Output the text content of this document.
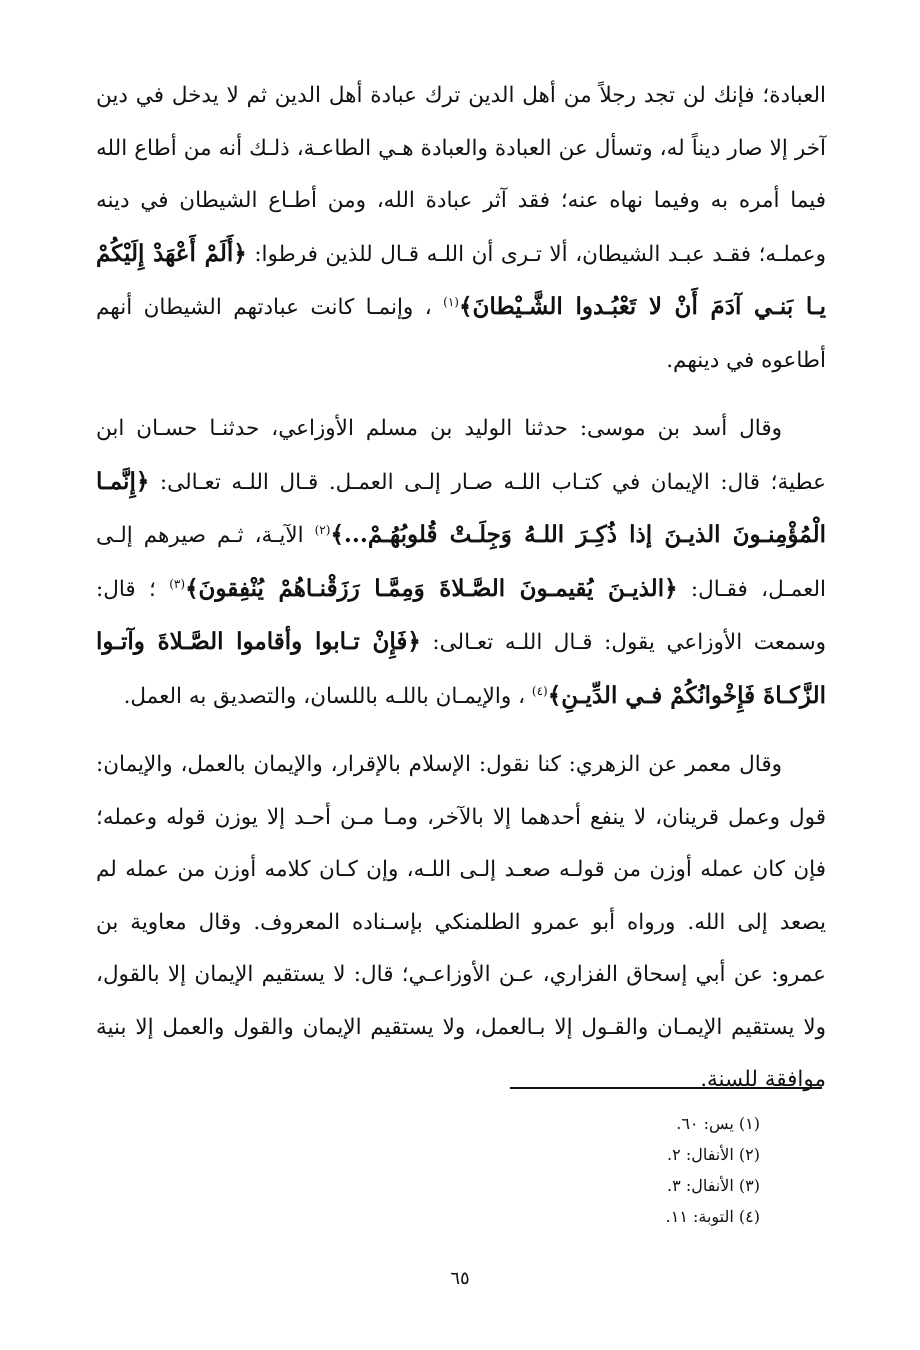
العبادة؛ فإنك لن تجد رجلاً من أهل الدين ترك عبادة أهل الدين ثم لا يدخل في دين آخر إلا صار ديناً له، وتسأل عن العبادة والعبادة هـي الطاعـة، ذلـك أنه من أطاع الله فيما أمره به وفيما نهاه عنه؛ فقد آثر عبادة الله، ومن أطـاع الشيطان في دينه وعملـه؛ فقـد عبـد الشيطان، ألا تـرى أن اللـه قـال للذين فرطوا: ﴿أَلَمْ أَعْهَدْ إِلَيْكُمْ يـا بَنـي آدَمَ أَنْ لا تَعْبُـدوا الشَّـيْطانَ﴾$^{(١)}$ ، وإنمـا كانت عبادتهم الشيطان أنهم أطاعوه في دينهم.

وقال أسد بن موسى: حدثنا الوليد بن مسلم الأوزاعي، حدثنـا حسـان ابن عطية؛ قال: الإيمان في كتـاب اللـه صـار إلـى العمـل. قـال اللـه تعـالى: ﴿إِنَّمـا الْمُؤْمِنـونَ الذيـنَ إذا ذُكِـرَ اللـهُ وَجِلَـتْ قُلوبُهُـمْ...﴾$^{(٢)}$ الآيـة، ثـم صيرهم إلـى العمـل، فقـال: ﴿الذيـنَ يُقيمـونَ الصَّـلاةَ وَمِمَّـا رَزَقْنـاهُمْ يُنْفِقونَ﴾$^{(٣)}$ ؛ قال: وسمعت الأوزاعي يقول: قـال اللـه تعـالى: ﴿فَإِنْ تـابوا وأقاموا الصَّـلاةَ وآتـوا الزَّكـاةَ فَإِخْوانُكُمْ فـي الدِّيـنِ﴾$^{(٤)}$ ، والإيمـان باللـه باللسان، والتصديق به العمل.

وقال معمر عن الزهري: كنا نقول: الإسلام بالإقرار، والإيمان بالعمل، والإيمان: قول وعمل قرينان، لا ينفع أحدهما إلا بالآخر، ومـا مـن أحـد إلا يوزن قوله وعمله؛ فإن كان عمله أوزن من قولـه صعـد إلـى اللـه، وإن كـان كلامه أوزن من عمله لم يصعد إلى الله. ورواه أبو عمرو الطلمنكي بإسـناده المعروف. وقال معاوية بن عمرو: عن أبي إسحاق الفزاري، عـن الأوزاعـي؛ قال: لا يستقيم الإيمان إلا بالقول، ولا يستقيم الإيمـان والقـول إلا بـالعمل، ولا يستقيم الإيمان والقول والعمل إلا بنية موافقة للسنة.

(١) يس: ٦٠.
(٢) الأنفال: ٢.
(٣) الأنفال: ٣.
(٤) التوبة: ١١.
٦٥
